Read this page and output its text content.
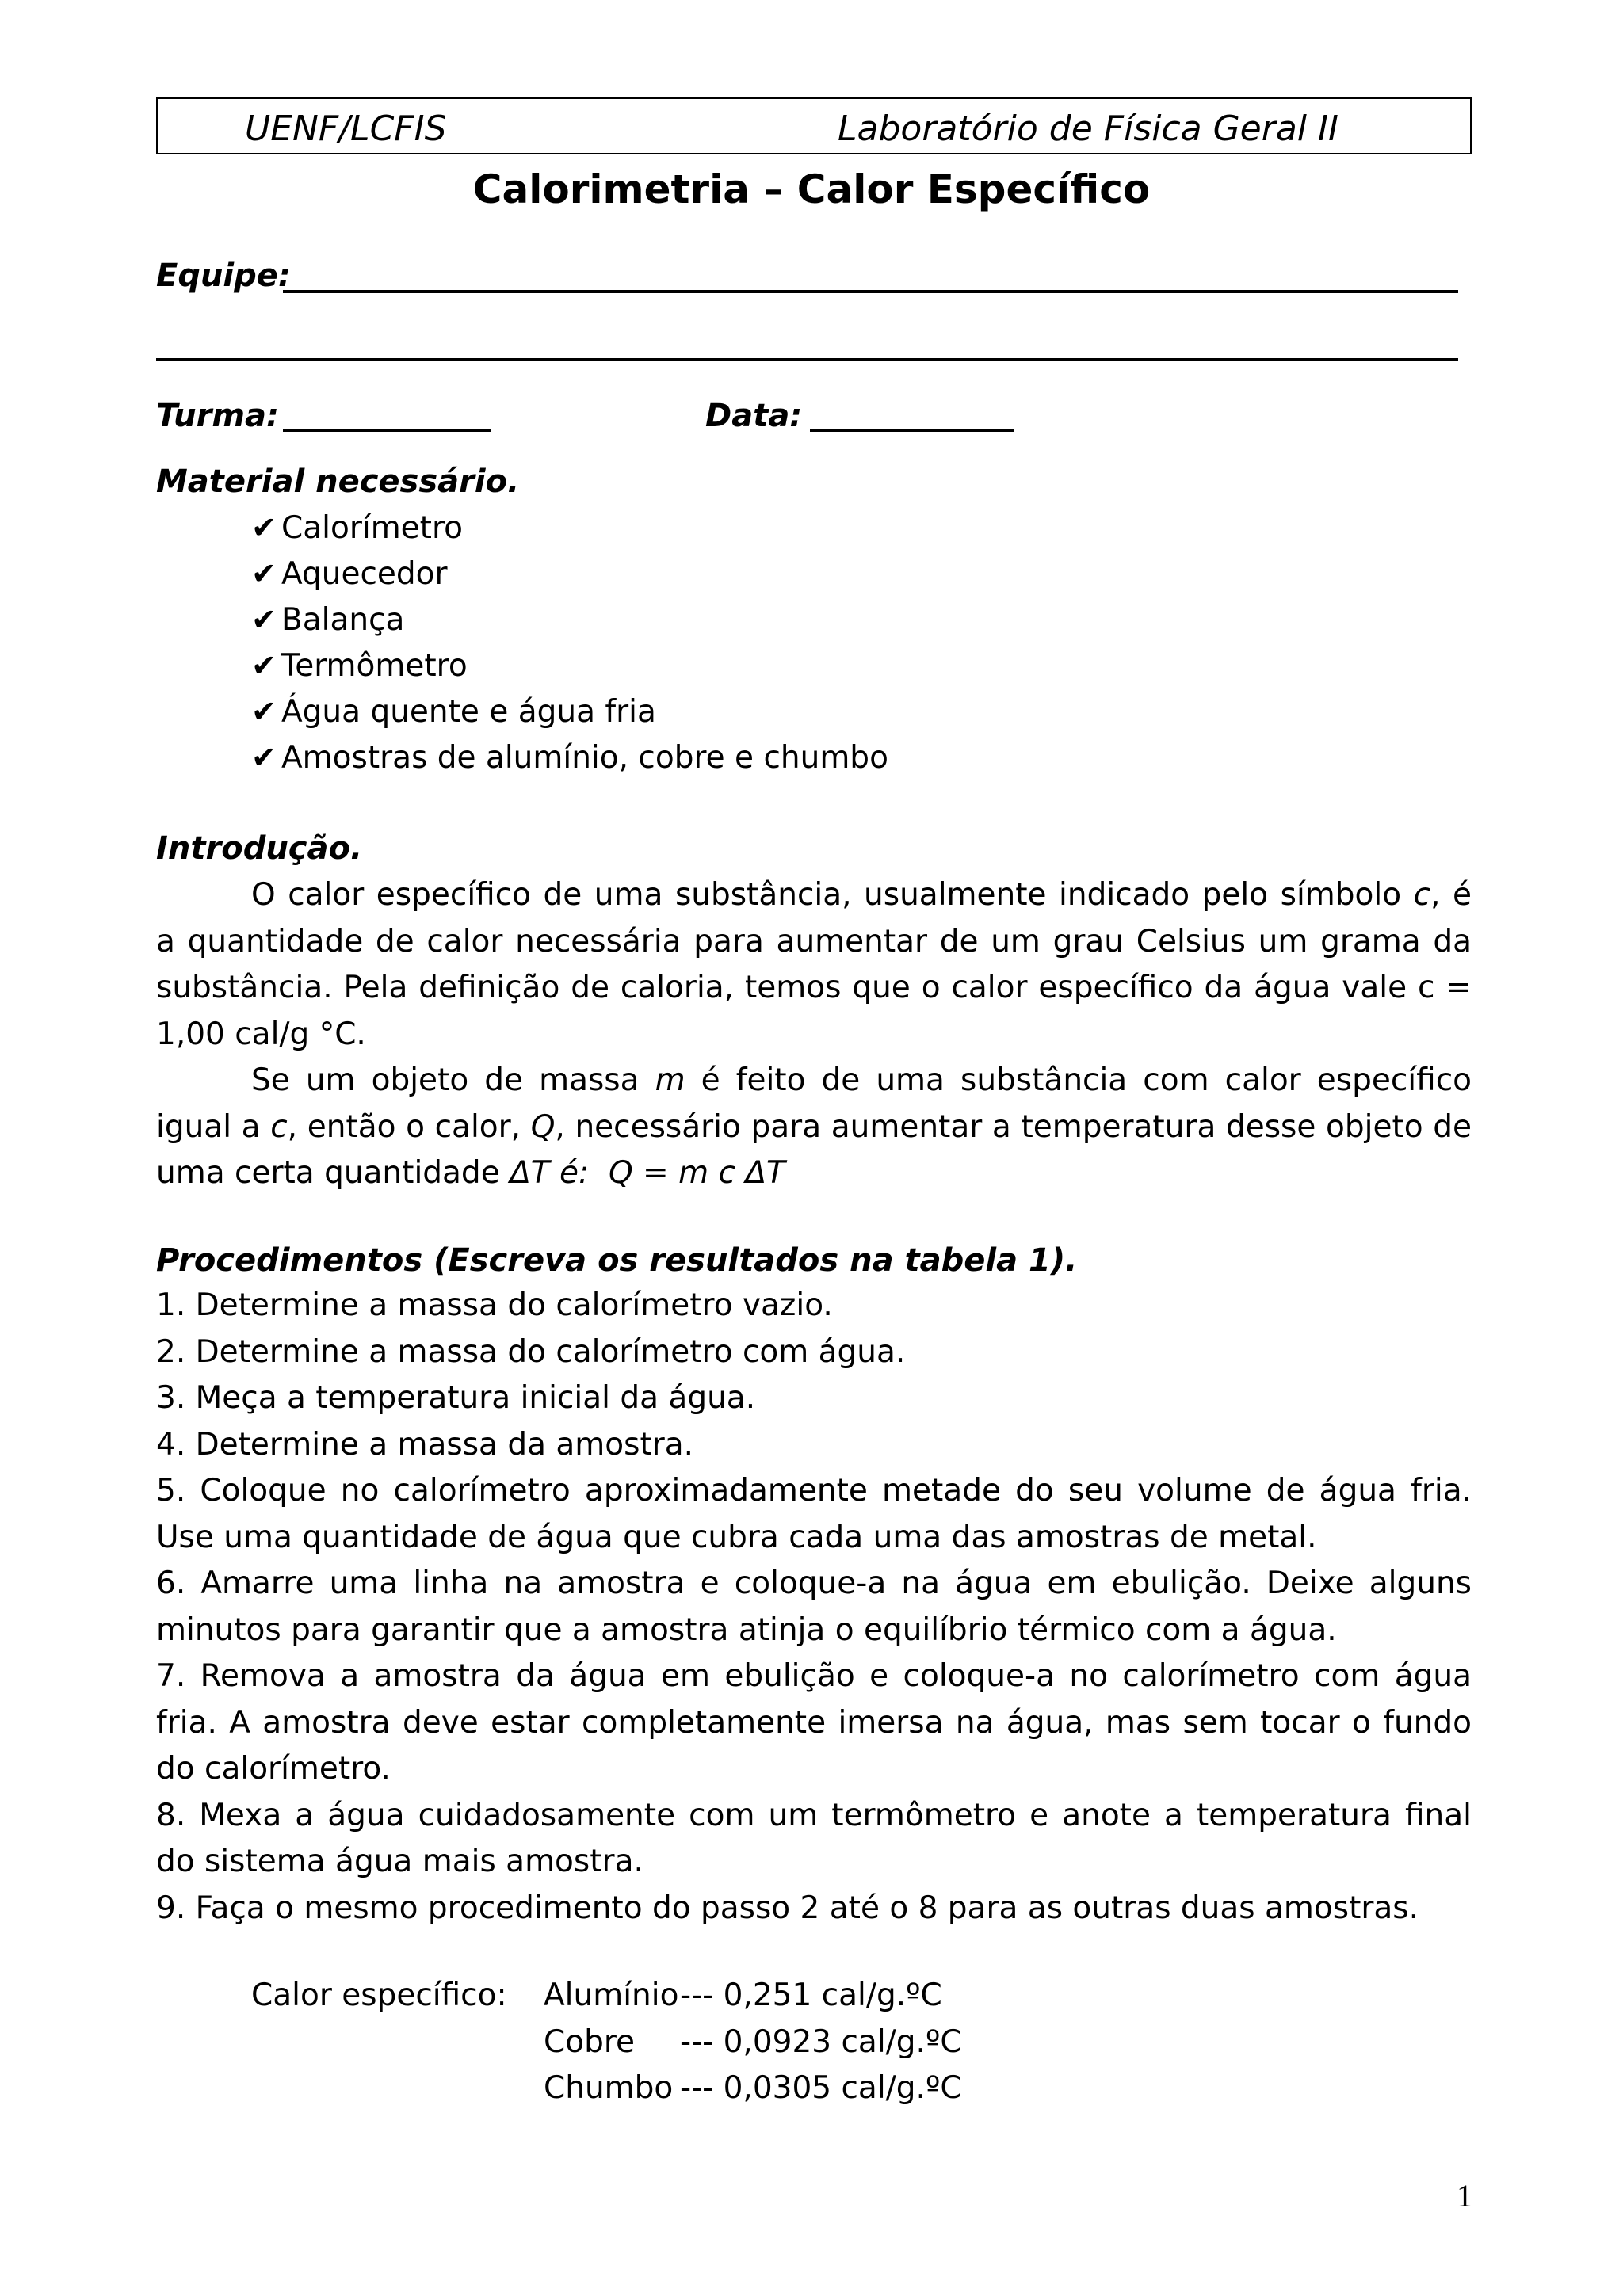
UENF/LCFIS	Laboratório de Física Geral II
Calorimetria – Calor Específico
Equipe:
Turma:	Data:
Material necessário.
✔ Calorímetro
✔ Aquecedor
✔ Balança
✔ Termômetro
✔ Água quente e água fria
✔ Amostras de alumínio, cobre e chumbo
Introdução.

O calor específico de uma substância, usualmente indicado pelo símbolo c, é a quantidade de calor necessária para aumentar de um grau Celsius um grama da substância. Pela definição de caloria, temos que o calor específico da água vale c = 1,00 cal/g °C.

Se um objeto de massa m é feito de uma substância com calor específico igual a c, então o calor, Q, necessário para aumentar a temperatura desse objeto de uma certa quantidade ΔT é: Q = m c ΔT

Procedimentos (Escreva os resultados na tabela 1).

1. Determine a massa do calorímetro vazio.

2. Determine a massa do calorímetro com água.

3. Meça a temperatura inicial da água.

4. Determine a massa da amostra.

5. Coloque no calorímetro aproximadamente metade do seu volume de água fria. Use uma quantidade de água que cubra cada uma das amostras de metal.

6. Amarre uma linha na amostra e coloque-a na água em ebulição. Deixe alguns minutos para garantir que a amostra atinja o equilíbrio térmico com a água.

7. Remova a amostra da água em ebulição e coloque-a no calorímetro com água fria. A amostra deve estar completamente imersa na água, mas sem tocar o fundo do calorímetro.

8. Mexa a água cuidadosamente com um termômetro e anote a temperatura final do sistema água mais amostra.

9. Faça o mesmo procedimento do passo 2 até o 8 para as outras duas amostras.

Calor específico: Alumínio--- 0,251 cal/g.ºC
Cobre --- 0,0923 cal/g.ºC
Chumbo --- 0,0305 cal/g.ºC
1
